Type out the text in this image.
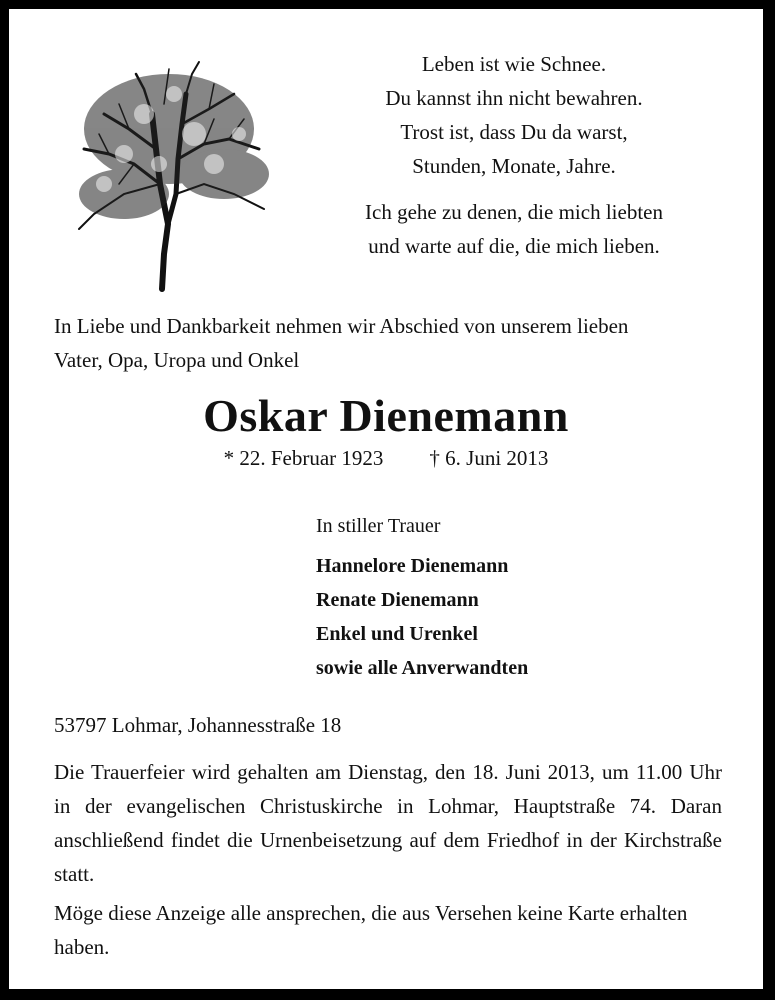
Leben ist wie Schnee.
Du kannst ihn nicht bewahren.
Trost ist, dass Du da warst,
Stunden, Monate, Jahre.
Ich gehe zu denen, die mich liebten
und warte auf die, die mich lieben.
In Liebe und Dankbarkeit nehmen wir Abschied von unserem lieben
Vater, Opa, Uropa und Onkel
Oskar Dienemann
* 22. Februar 1923 † 6. Juni 2013
In stiller Trauer
Hannelore Dienemann
Renate Dienemann
Enkel und Urenkel
sowie alle Anverwandten
53797 Lohmar, Johannesstraße 18
Die Trauerfeier wird gehalten am Dienstag, den 18. Juni 2013, um 11.00 Uhr in der evangelischen Christuskirche in Lohmar, Hauptstraße 74. Daran anschließend findet die Urnenbeisetzung auf dem Friedhof in der Kirchstraße statt.
Möge diese Anzeige alle ansprechen, die aus Versehen keine Karte erhalten haben.
